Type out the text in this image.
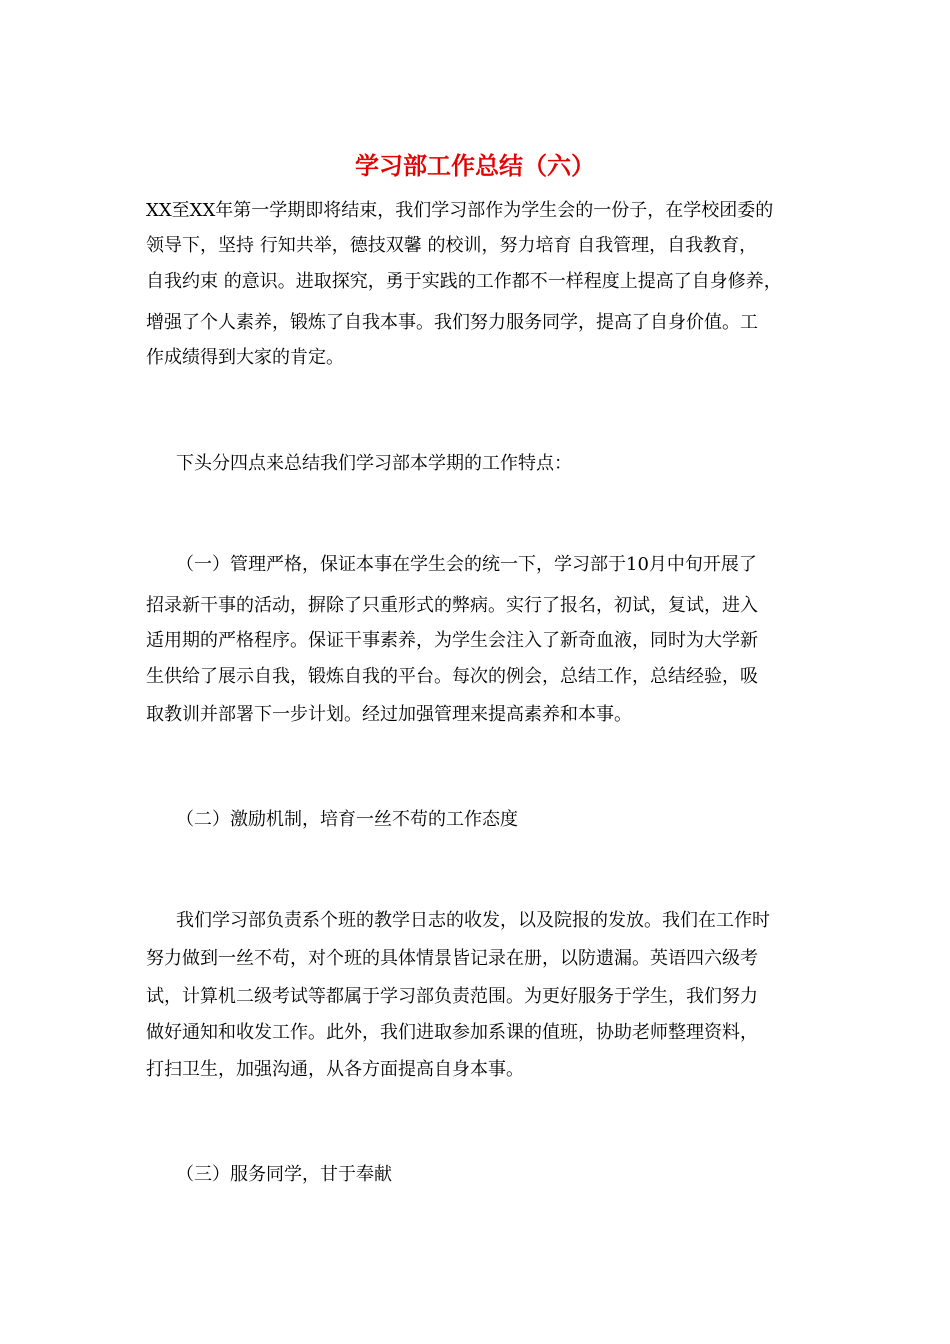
学习部工作总结（六）
XX至XX年第一学期即将结束，我们学习部作为学生会的一份子，在学校团委的
领导下，坚持 行知共举，德技双馨 的校训，努力培育 自我管理，自我教育，
自我约束 的意识。进取探究，勇于实践的工作都不一样程度上提高了自身修养，
增强了个人素养，锻炼了自我本事。我们努力服务同学，提高了自身价值。工
作成绩得到大家的肯定。
下头分四点来总结我们学习部本学期的工作特点：
（一）管理严格，保证本事在学生会的统一下，学习部于10月中旬开展了
招录新干事的活动，摒除了只重形式的弊病。实行了报名，初试，复试，进入
适用期的严格程序。保证干事素养，为学生会注入了新奇血液，同时为大学新
生供给了展示自我，锻炼自我的平台。每次的例会，总结工作，总结经验，吸
取教训并部署下一步计划。经过加强管理来提高素养和本事。
（二）激励机制，培育一丝不苟的工作态度
我们学习部负责系个班的教学日志的收发，以及院报的发放。我们在工作时
努力做到一丝不苟，对个班的具体情景皆记录在册，以防遗漏。英语四六级考
试，计算机二级考试等都属于学习部负责范围。为更好服务于学生，我们努力
做好通知和收发工作。此外，我们进取参加系课的值班，协助老师整理资料，
打扫卫生，加强沟通，从各方面提高自身本事。
（三）服务同学，甘于奉献
